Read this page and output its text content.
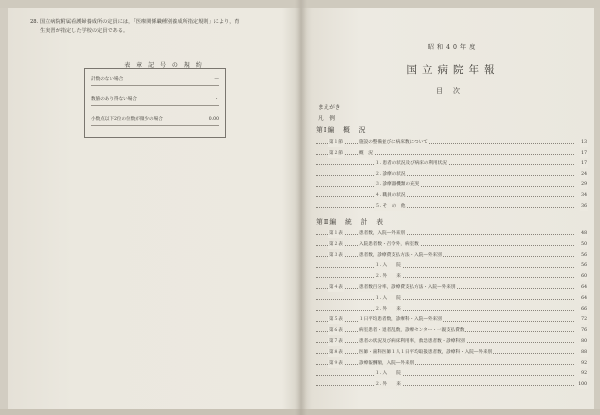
28. 国立病院附属看護婦養成所の定員には，「医療関係職種別養成所指定規則」により，育
生実習が指定した学校の定員である。
表 章 記 号 の 規 約
計数のない場合	—
数値のあり得ない場合	・
小数点以下2位の位数が微少の場合	0.00
昭和40年度
国立病院年報
目次
まえがき
凡　例
第Ⅰ編　概　況
第１節	施設の整備並びに病床数について	13
第２節	概　況	17
１. 患者の状況及び病床の利用状況	17
２. 診療の状況	24
３. 診療器機類の充実	29
４. 職員の状況	34
５. そ　の　他	36
第Ⅱ編　統　計　表
第１表	患者数，入院—外来別	48
第２表	入院患者数・召令外，病室数	50
第３表	患者数，診療費支払方法・入院—外来別	56
１. 入　　院	56
２. 外　　来	60
第４表	患者数百分率，診療費支払方法・入院—外来別	64
１. 入　　院	64
２. 外　　来	66
第５表	１日平均患者数，診療科・入院—外来別	72
第６表	病室患者・退者乱数，診療センター・一親支払費数	76
第７表	患者の状況及び病床利用率，救急患者数・診療科別	80
第８表	医師・歯科医師１人１日平均取扱患者数，診療科・入院—外来別	88
第９表	診療報酬額，入院—外来別	92
１. 入　　院	92
２. 外　　来	100
